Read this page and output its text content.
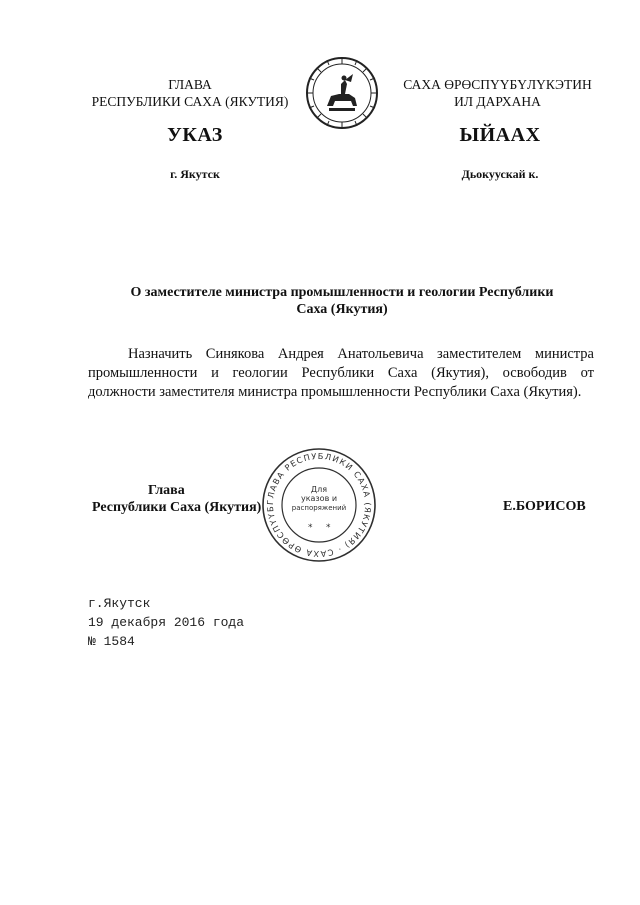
ГЛАВА
РЕСПУБЛИКИ САХА (ЯКУТИЯ)
САХА ӨРӨСПҮҮБҮЛҮКЭТИН
ИЛ ДАРХАНА
УКАЗ	ЫЙААХ
г. Якутск	Дьокуускай к.
О заместителе министра промышленности и геологии Республики
Саха (Якутия)
Назначить Синякова Андрея Анатольевича заместителем министра промышленности и геологии Республики Саха (Якутия), освободив от должности заместителя министра промышленности Республики Саха (Якутия).
Глава
Республики Саха (Якутия) ГЛАВА РЕСПУБЛИКИ САХА (ЯКУТИЯ) · САХА ӨРӨСПҮҮБ
Для
указов и
распоряжений
* *
Е.БОРИСОВ
г.Якутск
19 декабря 2016 года
№ 1584
